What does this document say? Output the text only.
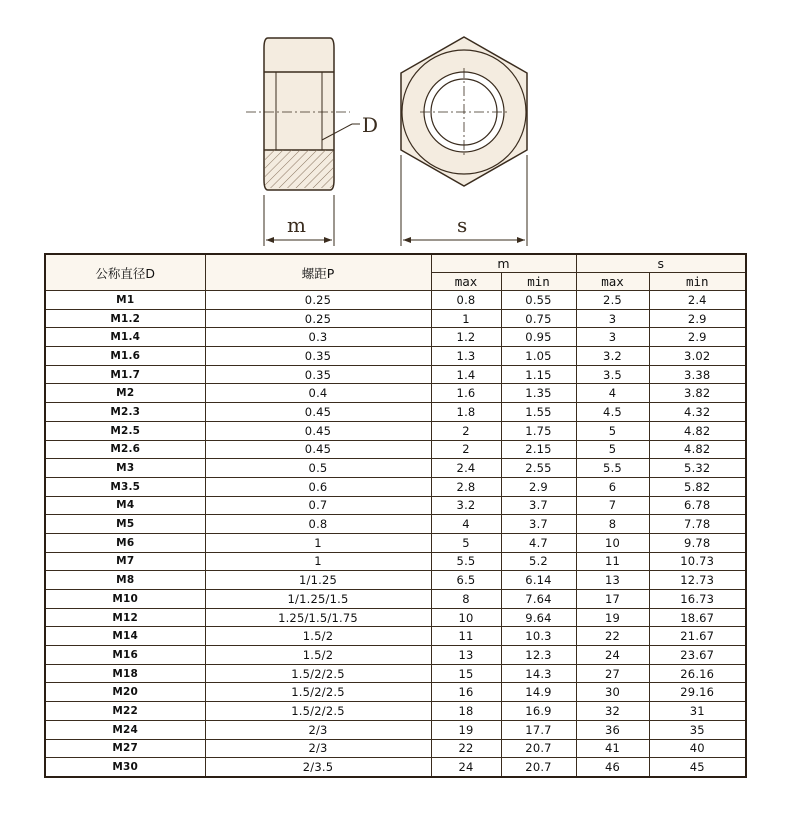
D
m	s
公称直径D	螺距P	m		s	
		max	min	max	min
M1	0.25	0.8	0.55	2.5	2.4
M1.2	0.25	1	0.75	3	2.9
M1.4	0.3	1.2	0.95	3	2.9
M1.6	0.35	1.3	1.05	3.2	3.02
M1.7	0.35	1.4	1.15	3.5	3.38
M2	0.4	1.6	1.35	4	3.82
M2.3	0.45	1.8	1.55	4.5	4.32
M2.5	0.45	2	1.75	5	4.82
M2.6	0.45	2	2.15	5	4.82
M3	0.5	2.4	2.55	5.5	5.32
M3.5	0.6	2.8	2.9	6	5.82
M4	0.7	3.2	3.7	7	6.78
M5	0.8	4	3.7	8	7.78
M6	1	5	4.7	10	9.78
M7	1	5.5	5.2	11	10.73
M8	1/1.25	6.5	6.14	13	12.73
M10	1/1.25/1.5	8	7.64	17	16.73
M12	1.25/1.5/1.75	10	9.64	19	18.67
M14	1.5/2	11	10.3	22	21.67
M16	1.5/2	13	12.3	24	23.67
M18	1.5/2/2.5	15	14.3	27	26.16
M20	1.5/2/2.5	16	14.9	30	29.16
M22	1.5/2/2.5	18	16.9	32	31
M24	2/3	19	17.7	36	35
M27	2/3	22	20.7	41	40
M30	2/3.5	24	20.7	46	45
